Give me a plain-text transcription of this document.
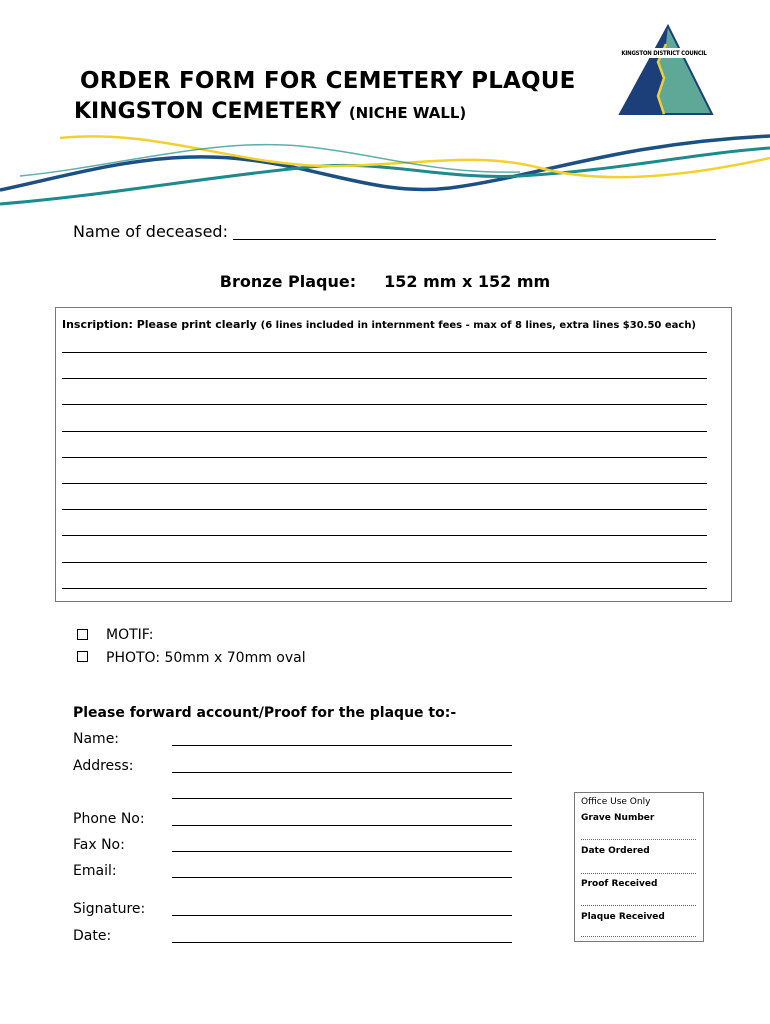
ORDER FORM FOR CEMETERY PLAQUE
KINGSTON CEMETERY (NICHE WALL)
KINGSTON DISTRICT COUNCIL
Name of deceased:
Bronze Plaque: 152 mm x 152 mm
Inscription: Please print clearly (6 lines included in internment fees - max of 8 lines, extra lines $30.50 each)
MOTIF:
PHOTO: 50mm x 70mm oval
Please forward account/Proof for the plaque to:-
Name:
Address:
Phone No:
Fax No:
Email:
Signature:
Date:
Office Use Only
Grave Number
Date Ordered
Proof Received
Plaque Received
